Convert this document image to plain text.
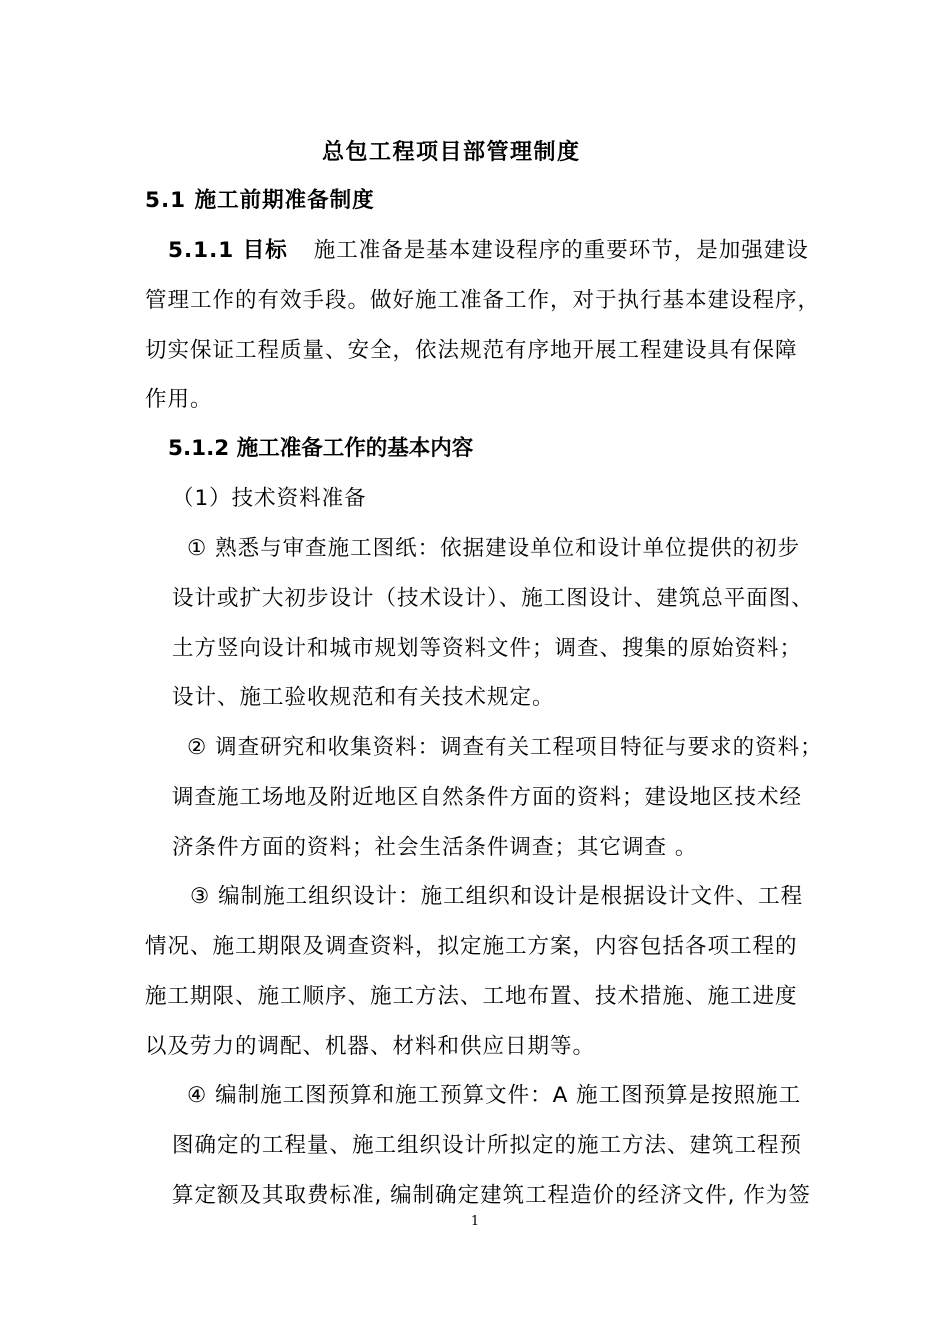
总包工程项目部管理制度
5.1 施工前期准备制度
5.1.1 目标 施工准备是基本建设程序的重要环节，是加强建设
管理工作的有效手段。做好施工准备工作，对于执行基本建设程序，
切实保证工程质量、安全，依法规范有序地开展工程建设具有保障
作用。
5.1.2 施工准备工作的基本内容
（1）技术资料准备
① 熟悉与审查施工图纸：依据建设单位和设计单位提供的初步
设计或扩大初步设计（技术设计）、施工图设计、建筑总平面图、
土方竖向设计和城市规划等资料文件；调查、搜集的原始资料；
设计、施工验收规范和有关技术规定。
② 调查研究和收集资料：调查有关工程项目特征与要求的资料；
调查施工场地及附近地区自然条件方面的资料；建设地区技术经
济条件方面的资料；社会生活条件调查；其它调查 。
③ 编制施工组织设计：施工组织和设计是根据设计文件、工程
情况、施工期限及调查资料，拟定施工方案，内容包括各项工程的
施工期限、施工顺序、施工方法、工地布置、技术措施、施工进度
以及劳力的调配、机器、材料和供应日期等。
④ 编制施工图预算和施工预算文件：A 施工图预算是按照施工
图确定的工程量、施工组织设计所拟定的施工方法、建筑工程预
算定额及其取费标准, 编制确定建筑工程造价的经济文件, 作为签
1
